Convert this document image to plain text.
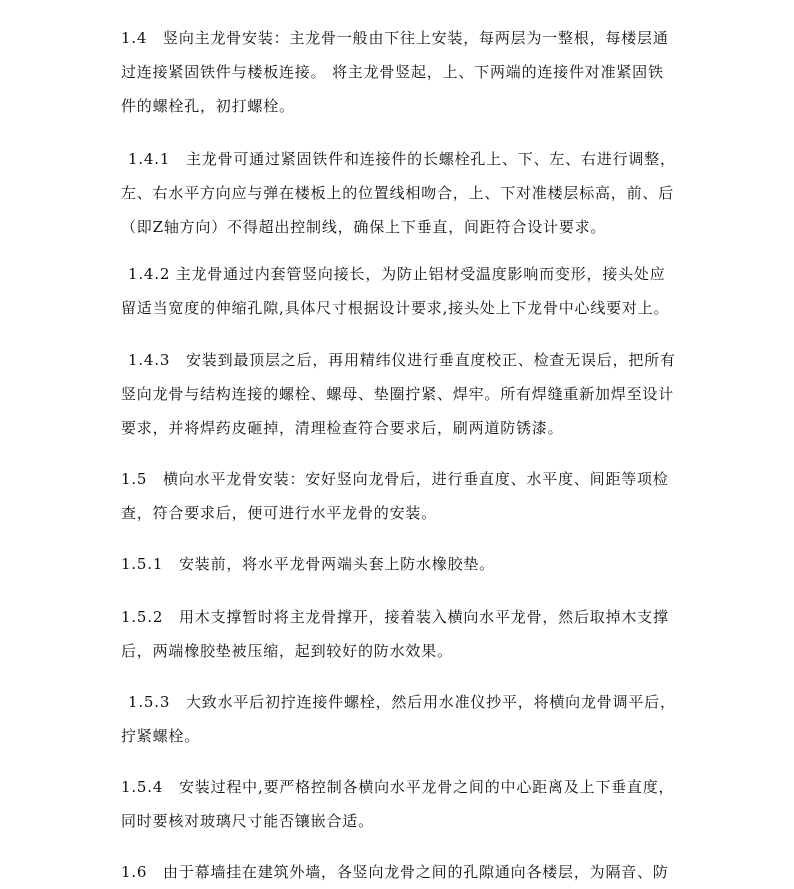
1.4　竖向主龙骨安装：主龙骨一般由下往上安装，每两层为一整根，每楼层通
过连接紧固铁件与楼板连接。 将主龙骨竖起，上、下两端的连接件对准紧固铁
件的螺栓孔，初打螺栓。
1.4.1　主龙骨可通过紧固铁件和连接件的长螺栓孔上、下、左、右进行调整，
左、右水平方向应与弹在楼板上的位置线相吻合，上、下对准楼层标高，前、后
（即Z轴方向）不得超出控制线，确保上下垂直，间距符合设计要求。
1.4.2 主龙骨通过内套管竖向接长，为防止铝材受温度影响而变形，接头处应
留适当宽度的伸缩孔隙,具体尺寸根据设计要求,接头处上下龙骨中心线要对上。
1.4.3　安装到最顶层之后，再用精纬仪进行垂直度校正、检查无误后，把所有
竖向龙骨与结构连接的螺栓、螺母、垫圈拧紧、焊牢。所有焊缝重新加焊至设计
要求，并将焊药皮砸掉，清理检查符合要求后，刷两道防锈漆。
1.5　横向水平龙骨安装：安好竖向龙骨后，进行垂直度、水平度、间距等项检
查，符合要求后，便可进行水平龙骨的安装。
1.5.1　安装前，将水平龙骨两端头套上防水橡胶垫。
1.5.2　用木支撑暂时将主龙骨撑开，接着装入横向水平龙骨，然后取掉木支撑
后，两端橡胶垫被压缩，起到较好的防水效果。
1.5.3　大致水平后初拧连接件螺栓，然后用水准仪抄平，将横向龙骨调平后，
拧紧螺栓。
1.5.4　安装过程中,要严格控制各横向水平龙骨之间的中心距离及上下垂直度，
同时要核对玻璃尺寸能否镶嵌合适。
1.6　由于幕墙挂在建筑外墙，各竖向龙骨之间的孔隙通向各楼层，为隔音、防
